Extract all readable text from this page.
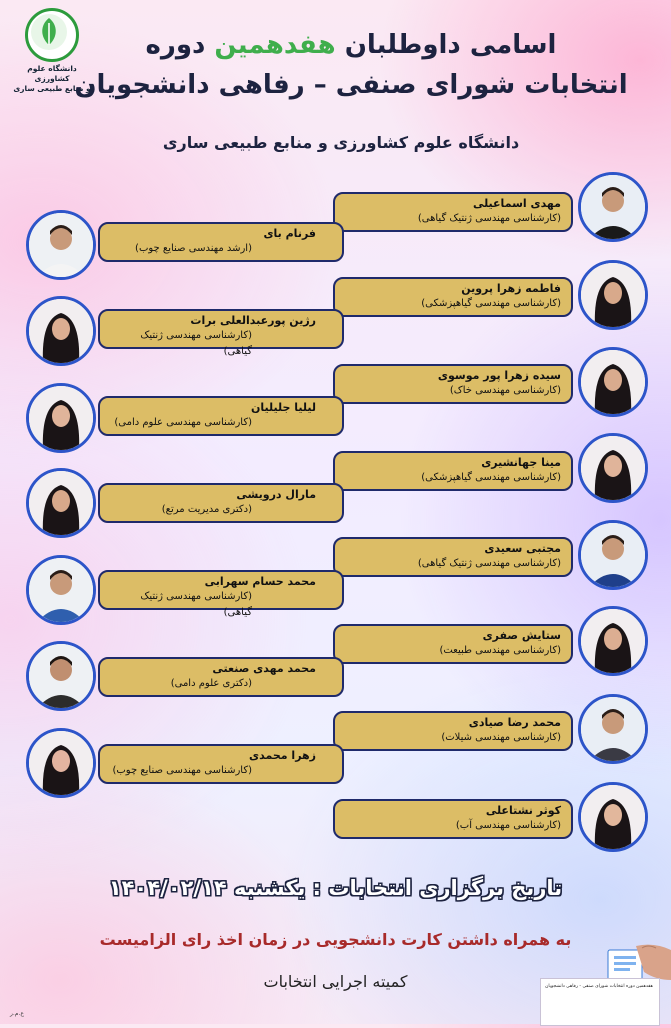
دانشگاه علوم کشاورزی
و منابع طبیعی ساری
اسامی داوطلبان هفدهمین دوره
انتخابات شورای صنفی – رفاهی دانشجویان
دانشگاه علوم کشاورزی و منابع طبیعی ساری
مهدی اسماعیلی
(کارشناسی مهندسی ژنتیک گیاهی)
فاطمه زهرا پروین
(کارشناسی مهندسی گیاهپزشکی)
سیده زهرا پور موسوی
(کارشناسی مهندسی خاک)
مینا جهانشیری
(کارشناسی مهندسی گیاهپزشکی)
مجتبی سعیدی
(کارشناسی مهندسی ژنتیک گیاهی)
ستایش صفری
(کارشناسی مهندسی طبیعت)
محمد رضا صیادی
(کارشناسی مهندسی شیلات)
کوثر نشتاعلی
(کارشناسی مهندسی آب)
فرنام بای
(ارشد مهندسی صنایع چوب)
رژین پورعبدالعلی برات
(کارشناسی مهندسی ژنتیک گیاهی)
لیلیا جلیلیان
(کارشناسی مهندسی علوم دامی)
مارال درویشی
(دکتری مدیریت مرتع)
محمد حسام سهرابی
(کارشناسی مهندسی ژنتیک گیاهی)
محمد مهدی صنعتی
(دکتری علوم دامی)
زهرا محمدی
(کارشناسی مهندسی صنایع چوب)
تاریخ برگزاری انتخابات : یکشنبه ۱۴۰۴/۰۲/۱۴
به همراه داشتن کارت دانشجویی در زمان اخذ رای الزامیست
کمیته اجرایی انتخابات	هفدهمین دوره انتخابات شورای صنفی - رفاهی دانشجویان
ع.م.ر
